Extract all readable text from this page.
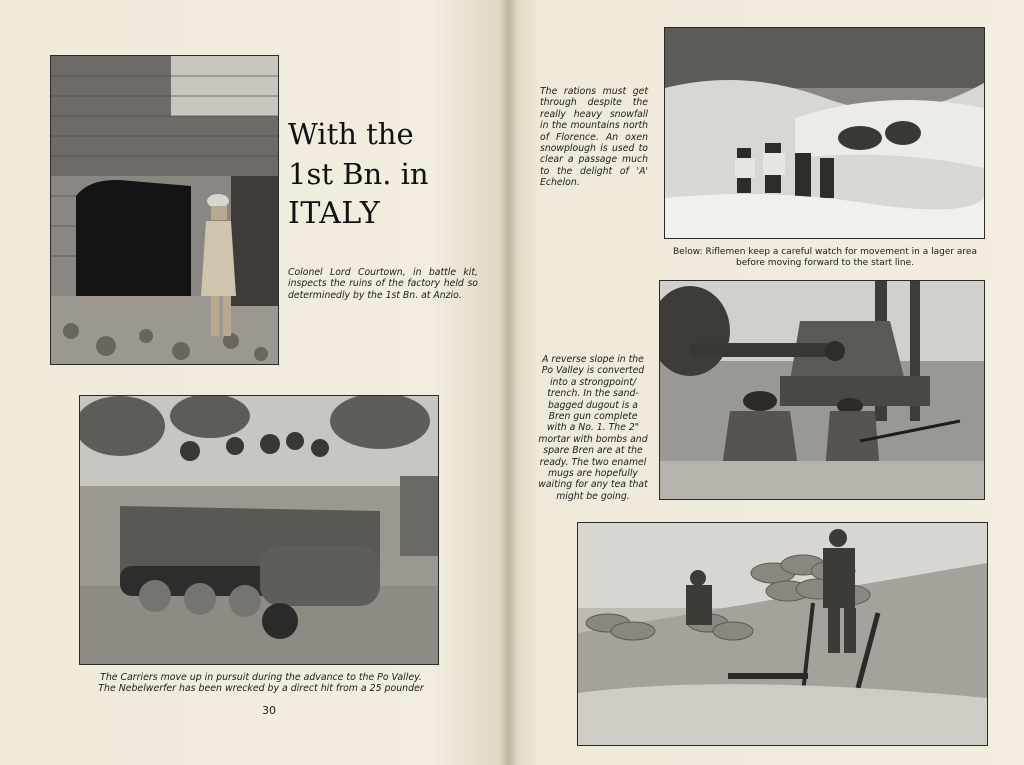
With the
1st Bn. in
ITALY
Colonel Lord Courtown, in battle kit, inspects the ruins of the factory held so determinedly by the 1st Bn. at Anzio.
The Carriers move up in pursuit during the advance to the Po Valley.
The Nebelwerfer has been wrecked by a direct hit from a 25 pounder
30
The rations must get through despite the really heavy snowfall in the mountains north of Florence. An oxen snowplough is used to clear a passage much to the delight of 'A' Echelon.
Below: Riflemen keep a careful watch for movement in a lager area
before moving forward to the start line.
A reverse slope in the Po Valley is converted into a strongpoint/ trench. In the sand-bagged dugout is a Bren gun complete with a No. 1. The 2" mortar with bombs and spare Bren are at the ready. The two enamel mugs are hopefully waiting for any tea that might be going.
